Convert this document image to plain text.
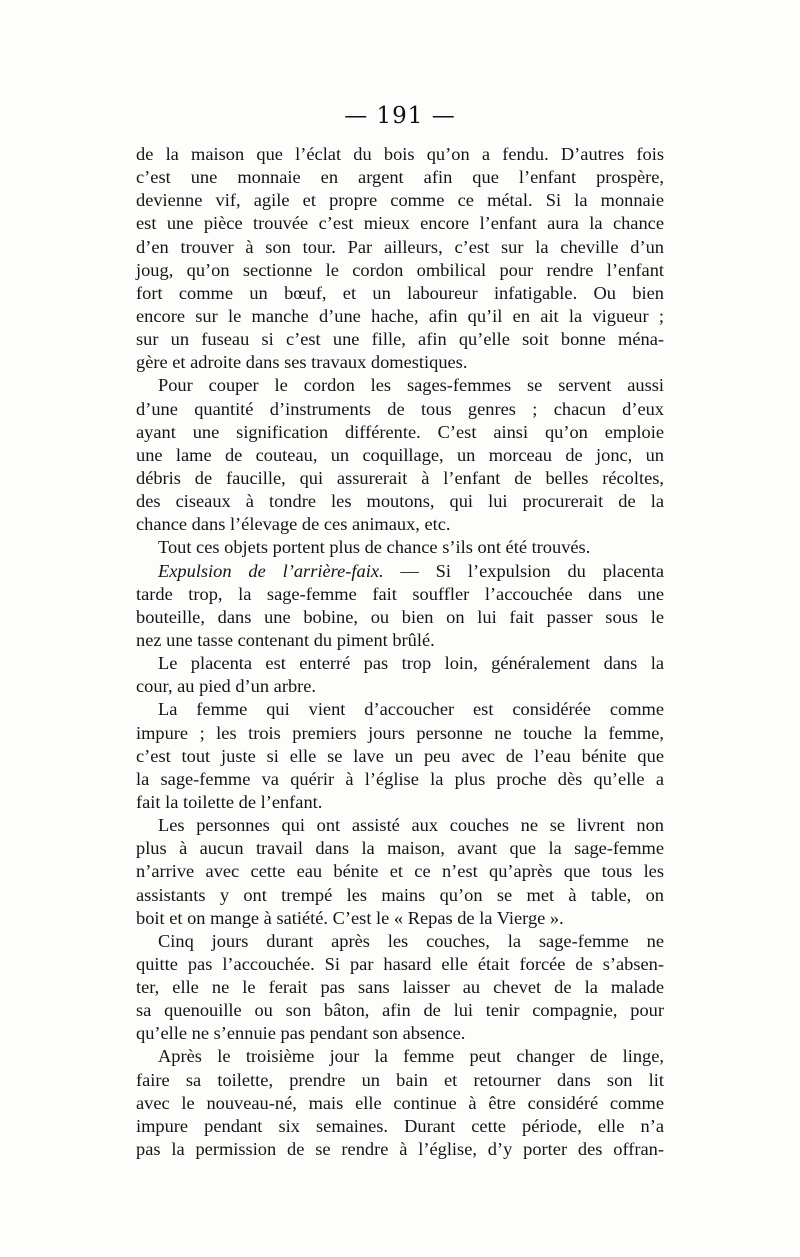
— 191 —
de la maison que l’éclat du bois qu’on a fendu. D’autres fois
c’est une monnaie en argent afin que l’enfant prospère,
devienne vif, agile et propre comme ce métal. Si la monnaie
est une pièce trouvée c’est mieux encore l’enfant aura la chance
d’en trouver à son tour. Par ailleurs, c’est sur la cheville d’un
joug, qu’on sectionne le cordon ombilical pour rendre l’enfant
fort comme un bœuf, et un laboureur infatigable. Ou bien
encore sur le manche d’une hache, afin qu’il en ait la vigueur ;
sur un fuseau si c’est une fille, afin qu’elle soit bonne ména-
gère et adroite dans ses travaux domestiques.
Pour couper le cordon les sages-femmes se servent aussi
d’une quantité d’instruments de tous genres ; chacun d’eux
ayant une signification différente. C’est ainsi qu’on emploie
une lame de couteau, un coquillage, un morceau de jonc, un
débris de faucille, qui assurerait à l’enfant de belles récoltes,
des ciseaux à tondre les moutons, qui lui procurerait de la
chance dans l’élevage de ces animaux, etc.
Tout ces objets portent plus de chance s’ils ont été trouvés.
Expulsion de l’arrière-faix. — Si l’expulsion du placenta
tarde trop, la sage-femme fait souffler l’accouchée dans une
bouteille, dans une bobine, ou bien on lui fait passer sous le
nez une tasse contenant du piment brûlé.
Le placenta est enterré pas trop loin, généralement dans la
cour, au pied d’un arbre.
La femme qui vient d’accoucher est considérée comme
impure ; les trois premiers jours personne ne touche la femme,
c’est tout juste si elle se lave un peu avec de l’eau bénite que
la sage-femme va quérir à l’église la plus proche dès qu’elle a
fait la toilette de l’enfant.
Les personnes qui ont assisté aux couches ne se livrent non
plus à aucun travail dans la maison, avant que la sage-femme
n’arrive avec cette eau bénite et ce n’est qu’après que tous les
assistants y ont trempé les mains qu’on se met à table, on
boit et on mange à satiété. C’est le « Repas de la Vierge ».
Cinq jours durant après les couches, la sage-femme ne
quitte pas l’accouchée. Si par hasard elle était forcée de s’absen-
ter, elle ne le ferait pas sans laisser au chevet de la malade
sa quenouille ou son bâton, afin de lui tenir compagnie, pour
qu’elle ne s’ennuie pas pendant son absence.
Après le troisième jour la femme peut changer de linge,
faire sa toilette, prendre un bain et retourner dans son lit
avec le nouveau-né, mais elle continue à être considéré comme
impure pendant six semaines. Durant cette période, elle n’a
pas la permission de se rendre à l’église, d’y porter des offran-
